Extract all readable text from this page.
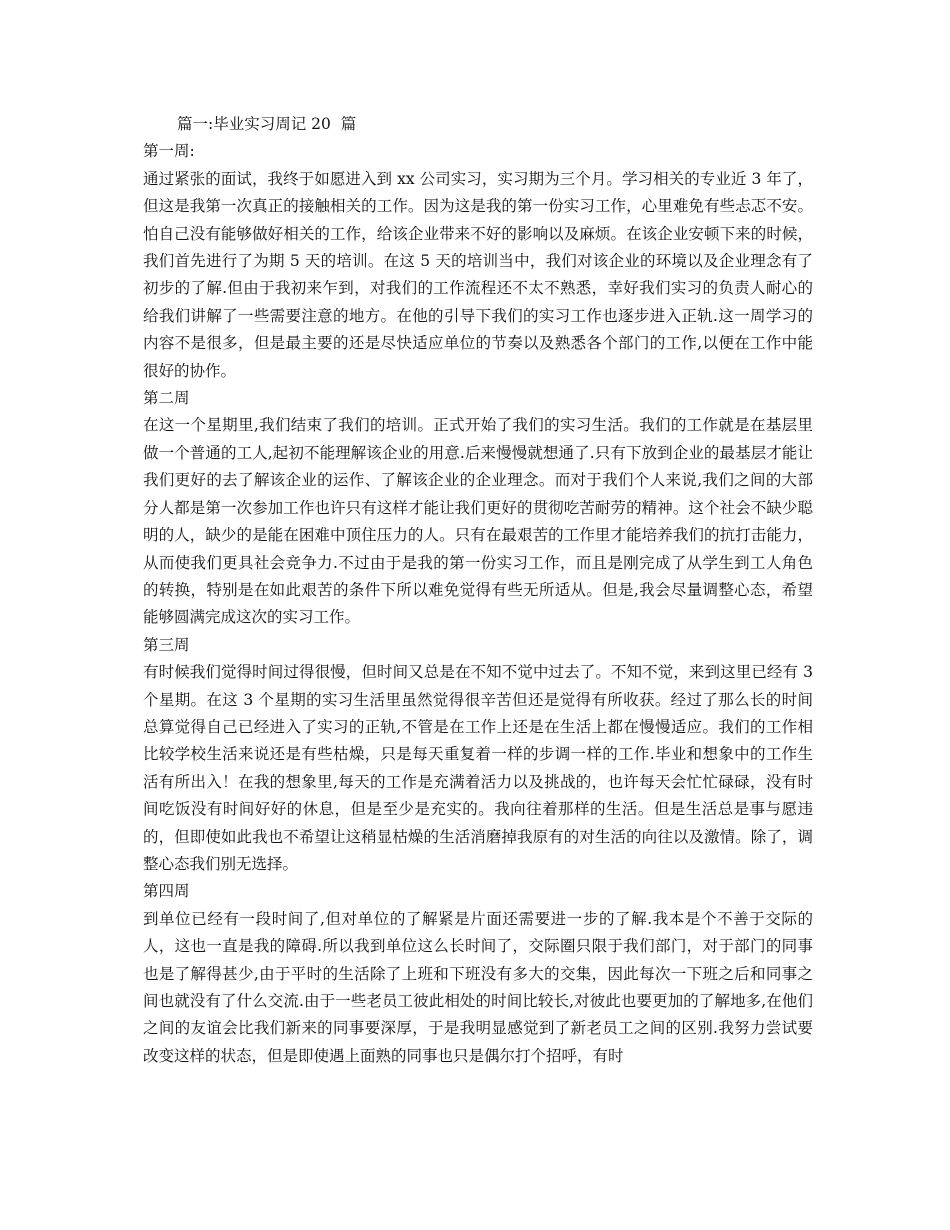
篇一:毕业实习周记 20  篇
第一周:

通过紧张的面试，我终于如愿进入到 xx 公司实习，实习期为三个月。学习相关的专业近 3 年了，但这是我第一次真正的接触相关的工作。因为这是我的第一份实习工作，心里难免有些忐忑不安。怕自己没有能够做好相关的工作，给该企业带来不好的影响以及麻烦。在该企业安顿下来的时候，我们首先进行了为期 5 天的培训。在这 5 天的培训当中，我们对该企业的环境以及企业理念有了初步的了解.但由于我初来乍到，对我们的工作流程还不太不熟悉，幸好我们实习的负责人耐心的给我们讲解了一些需要注意的地方。在他的引导下我们的实习工作也逐步进入正轨.这一周学习的内容不是很多，但是最主要的还是尽快适应单位的节奏以及熟悉各个部门的工作,以便在工作中能很好的协作。

第二周

在这一个星期里,我们结束了我们的培训。正式开始了我们的实习生活。我们的工作就是在基层里做一个普通的工人,起初不能理解该企业的用意.后来慢慢就想通了.只有下放到企业的最基层才能让我们更好的去了解该企业的运作、了解该企业的企业理念。而对于我们个人来说,我们之间的大部分人都是第一次参加工作也许只有这样才能让我们更好的贯彻吃苦耐劳的精神。这个社会不缺少聪明的人，缺少的是能在困难中顶住压力的人。只有在最艰苦的工作里才能培养我们的抗打击能力，从而使我们更具社会竞争力.不过由于是我的第一份实习工作，而且是刚完成了从学生到工人角色的转换，特别是在如此艰苦的条件下所以难免觉得有些无所适从。但是,我会尽量调整心态，希望能够圆满完成这次的实习工作。

第三周

有时候我们觉得时间过得很慢，但时间又总是在不知不觉中过去了。不知不觉，来到这里已经有 3 个星期。在这 3 个星期的实习生活里虽然觉得很辛苦但还是觉得有所收获。经过了那么长的时间总算觉得自己已经进入了实习的正轨,不管是在工作上还是在生活上都在慢慢适应。我们的工作相比较学校生活来说还是有些枯燥，只是每天重复着一样的步调一样的工作.毕业和想象中的工作生活有所出入！在我的想象里,每天的工作是充满着活力以及挑战的，也许每天会忙忙碌碌，没有时间吃饭没有时间好好的休息，但是至少是充实的。我向往着那样的生活。但是生活总是事与愿违的，但即使如此我也不希望让这稍显枯燥的生活消磨掉我原有的对生活的向往以及激情。除了，调整心态我们别无选择。

第四周

到单位已经有一段时间了,但对单位的了解紧是片面还需要进一步的了解.我本是个不善于交际的人，这也一直是我的障碍.所以我到单位这么长时间了，交际圈只限于我们部门，对于部门的同事也是了解得甚少,由于平时的生活除了上班和下班没有多大的交集，因此每次一下班之后和同事之间也就没有了什么交流.由于一些老员工彼此相处的时间比较长,对彼此也要更加的了解地多,在他们之间的友谊会比我们新来的同事要深厚，于是我明显感觉到了新老员工之间的区别.我努力尝试要改变这样的状态，但是即使遇上面熟的同事也只是偶尔打个招呼，有时
